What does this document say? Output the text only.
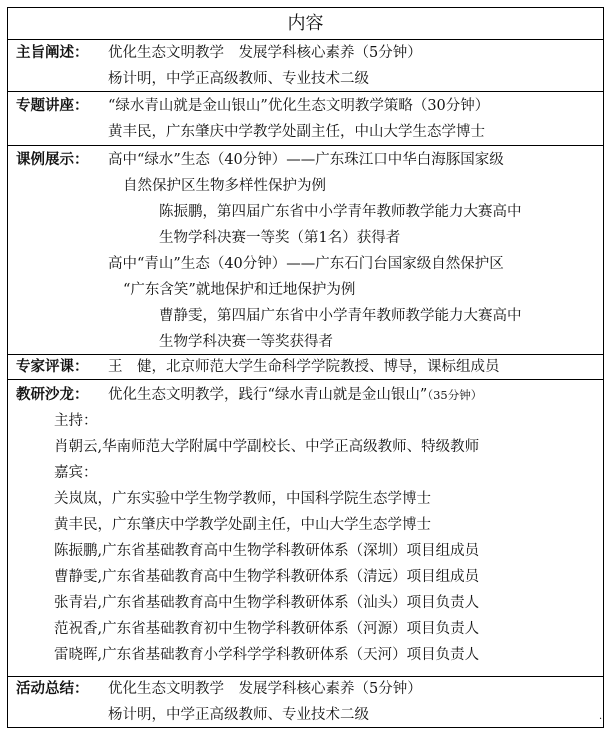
内容
主旨阐述： 优化生态文明教学　发展学科核心素养（5分钟）
杨计明，中学正高级教师、专业技术二级
专题讲座： “绿水青山就是金山银山”优化生态文明教学策略（30分钟）
黄丰民，广东肇庆中学教学处副主任，中山大学生态学博士
课例展示： 高中“绿水”生态（40分钟）——广东珠江口中华白海豚国家级
自然保护区生物多样性保护为例
陈振鹏，第四届广东省中小学青年教师教学能力大赛高中
生物学科决赛一等奖（第1名）获得者
高中“青山”生态（40分钟）——广东石门台国家级自然保护区
“广东含笑”就地保护和迁地保护为例
曹静雯，第四届广东省中小学青年教师教学能力大赛高中
生物学科决赛一等奖获得者
专家评课： 王　健，北京师范大学生命科学学院教授、博导，课标组成员
教研沙龙： 优化生态文明教学，践行“绿水青山就是金山银山”（35分钟）
主持：
肖朝云,华南师范大学附属中学副校长、中学正高级教师、特级教师
嘉宾：
关岚岚，广东实验中学生物学教师，中国科学院生态学博士
黄丰民，广东肇庆中学教学处副主任，中山大学生态学博士
陈振鹏,广东省基础教育高中生物学科教研体系（深圳）项目组成员
曹静雯,广东省基础教育高中生物学科教研体系（清远）项目组成员
张青岩,广东省基础教育高中生物学科教研体系（汕头）项目负责人
范祝香,广东省基础教育初中生物学科教研体系（河源）项目负责人
雷晓晖,广东省基础教育小学科学学科教研体系（天河）项目负责人
活动总结： 优化生态文明教学　发展学科核心素养（5分钟）
杨计明，中学正高级教师、专业技术二级	.
